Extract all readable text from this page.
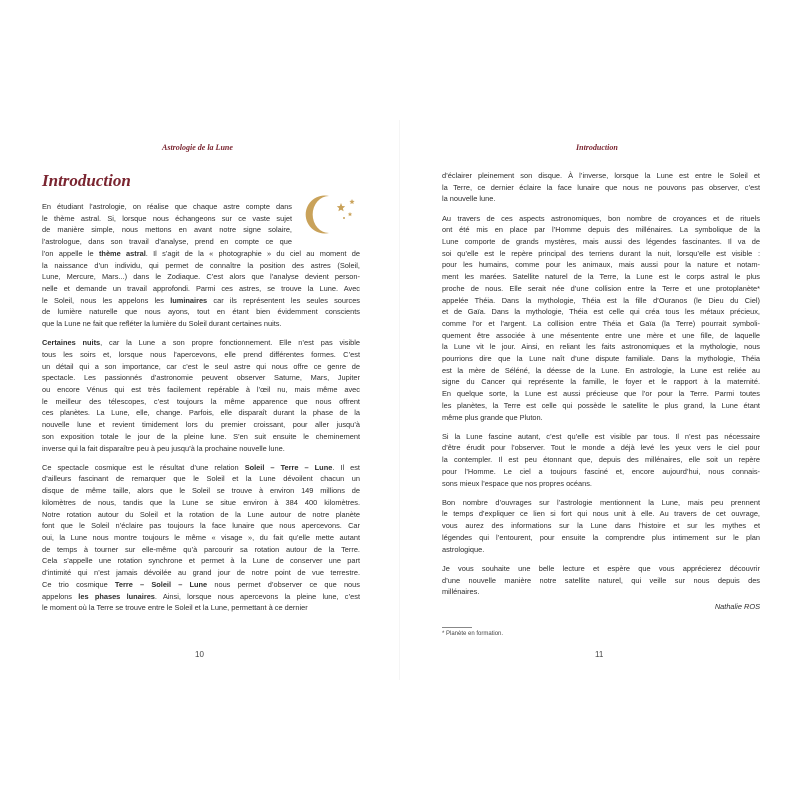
Astrologie de la Lune
Introduction

En étudiant l’astrologie, on réalise que chaque astre compte dans
le thème astral. Si, lorsque nous échangeons sur ce vaste sujet
de manière simple, nous mettons en avant notre signe solaire,
l’astrologue, dans son travail d’analyse, prend en compte ce que
l’on appelle le thème astral. Il s’agit de la « photographie » du ciel au moment de
la naissance d’un individu, qui permet de connaître la position des astres (Soleil,
Lune, Mercure, Mars...) dans le Zodiaque. C’est alors que l’analyse devient person-
nelle et demande un travail approfondi. Parmi ces astres, se trouve la Lune. Avec
le Soleil, nous les appelons les luminaires car ils représentent les seules sources
de lumière naturelle que nous ayons, tout en étant bien évidemment conscients
que la Lune ne fait que refléter la lumière du Soleil durant certaines nuits.

Certaines nuits, car la Lune a son propre fonctionnement. Elle n’est pas visible
tous les soirs et, lorsque nous l’apercevons, elle prend différentes formes. C’est
un détail qui a son importance, car c’est le seul astre qui nous offre ce genre de
spectacle. Les passionnés d’astronomie peuvent observer Saturne, Mars, Jupiter
ou encore Vénus qui est très facilement repérable à l’œil nu, mais même avec
le meilleur des télescopes, c’est toujours la même apparence que nous offrent
ces planètes. La Lune, elle, change. Parfois, elle disparaît durant la phase de la
nouvelle lune et revient timidement lors du premier croissant, pour aller jusqu’à
son exposition totale le jour de la pleine lune. S’en suit ensuite le cheminement
inverse qui la fait disparaître peu à peu jusqu’à la prochaine nouvelle lune.

Ce spectacle cosmique est le résultat d’une relation Soleil – Terre – Lune. Il est
d’ailleurs fascinant de remarquer que le Soleil et la Lune dévoilent chacun un
disque de même taille, alors que le Soleil se trouve à environ 149 millions de
kilomètres de nous, tandis que la Lune se situe environ à 384 400 kilomètres.
Notre rotation autour du Soleil et la rotation de la Lune autour de notre planète
font que le Soleil n’éclaire pas toujours la face lunaire que nous apercevons. Car
oui, la Lune nous montre toujours le même « visage », du fait qu’elle mette autant
de temps à tourner sur elle-même qu’à parcourir sa rotation autour de la Terre.
Cela s’appelle une rotation synchrone et permet à la Lune de conserver une part
d’intimité qui n’est jamais dévoilée au grand jour de notre point de vue terrestre.
Ce trio cosmique Terre – Soleil – Lune nous permet d’observer ce que nous
appelons les phases lunaires. Ainsi, lorsque nous apercevons la pleine lune, c’est
le moment où la Terre se trouve entre le Soleil et la Lune, permettant à ce dernier

10
Introduction

d’éclairer pleinement son disque. À l’inverse, lorsque la Lune est entre le Soleil et
la Terre, ce dernier éclaire la face lunaire que nous ne pouvons pas observer, c’est
la nouvelle lune.

Au travers de ces aspects astronomiques, bon nombre de croyances et de rituels
ont été mis en place par l’Homme depuis des millénaires. La symbolique de la
Lune comporte de grands mystères, mais aussi des légendes fascinantes. Il va de
soi qu’elle est le repère principal des terriens durant la nuit, lorsqu’elle est visible :
pour les humains, comme pour les animaux, mais aussi pour la nature et notam-
ment les marées. Satellite naturel de la Terre, la Lune est le corps astral le plus
proche de nous. Elle serait née d’une collision entre la Terre et une protoplanète*
appelée Théia. Dans la mythologie, Théia est la fille d’Ouranos (le Dieu du Ciel)
et de Gaïa. Dans la mythologie, Théia est celle qui créa tous les métaux précieux,
comme l’or et l’argent. La collision entre Théia et Gaïa (la Terre) pourrait symboli-
quement être associée à une mésentente entre une mère et une fille, de laquelle
la Lune vit le jour. Ainsi, en reliant les faits astronomiques et la mythologie, nous
pourrions dire que la Lune naît d’une dispute familiale. Dans la mythologie, Théia
est la mère de Séléné, la déesse de la Lune. En astrologie, la Lune est reliée au
signe du Cancer qui représente la famille, le foyer et le rapport à la maternité.
En quelque sorte, la Lune est aussi précieuse que l’or pour la Terre. Parmi toutes
les planètes, la Terre est celle qui possède le satellite le plus grand, la Lune étant
même plus grande que Pluton.

Si la Lune fascine autant, c’est qu’elle est visible par tous. Il n’est pas nécessaire
d’être érudit pour l’observer. Tout le monde a déjà levé les yeux vers le ciel pour
la contempler. Il est peu étonnant que, depuis des millénaires, elle soit un repère
pour l’Homme. Le ciel a toujours fasciné et, encore aujourd’hui, nous connais-
sons mieux l’espace que nos propres océans.

Bon nombre d’ouvrages sur l’astrologie mentionnent la Lune, mais peu prennent
le temps d’expliquer ce lien si fort qui nous unit à elle. Au travers de cet ouvrage,
vous aurez des informations sur la Lune dans l’histoire et sur les mythes et
légendes qui l’entourent, pour ensuite la comprendre plus intimement sur le plan
astrologique.

Je vous souhaite une belle lecture et espère que vous apprécierez découvrir
d’une nouvelle manière notre satellite naturel, qui veille sur nous depuis des
millénaires.

Nathalie ROS
* Planète en formation.
11
